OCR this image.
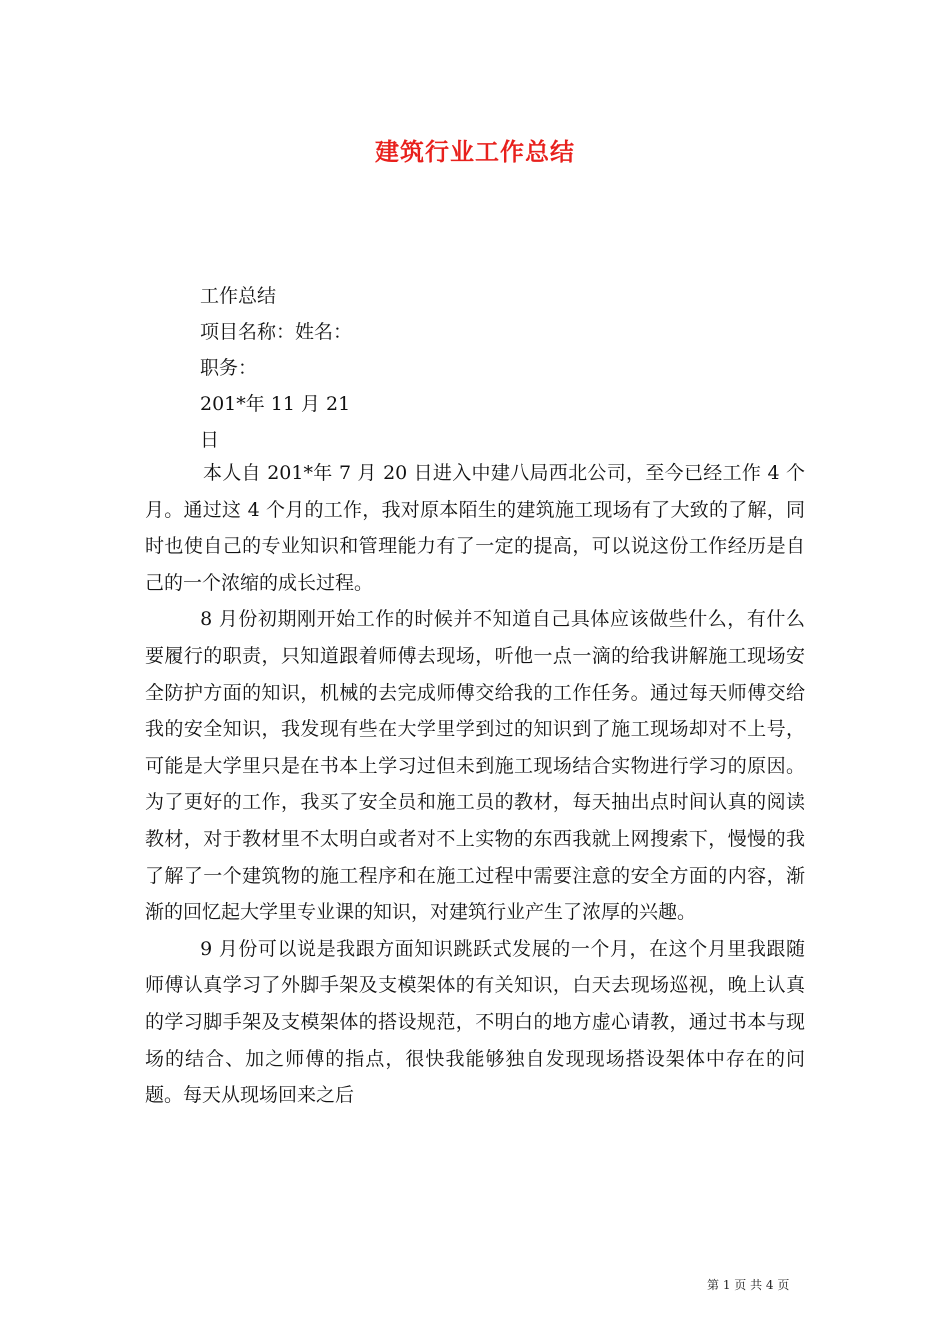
建筑行业工作总结
工作总结
项目名称：姓名：
职务：
201*年 11 月 21
日

本人自 201*年 7 月 20 日进入中建八局西北公司，至今已经工作 4 个月。通过这 4 个月的工作，我对原本陌生的建筑施工现场有了大致的了解，同时也使自己的专业知识和管理能力有了一定的提高，可以说这份工作经历是自己的一个浓缩的成长过程。

8 月份初期刚开始工作的时候并不知道自己具体应该做些什么，有什么要履行的职责，只知道跟着师傅去现场，听他一点一滴的给我讲解施工现场安全防护方面的知识，机械的去完成师傅交给我的工作任务。通过每天师傅交给我的安全知识，我发现有些在大学里学到过的知识到了施工现场却对不上号，可能是大学里只是在书本上学习过但未到施工现场结合实物进行学习的原因。为了更好的工作，我买了安全员和施工员的教材，每天抽出点时间认真的阅读教材，对于教材里不太明白或者对不上实物的东西我就上网搜索下，慢慢的我了解了一个建筑物的施工程序和在施工过程中需要注意的安全方面的内容，渐渐的回忆起大学里专业课的知识，对建筑行业产生了浓厚的兴趣。

9 月份可以说是我跟方面知识跳跃式发展的一个月，在这个月里我跟随师傅认真学习了外脚手架及支模架体的有关知识，白天去现场巡视，晚上认真的学习脚手架及支模架体的搭设规范，不明白的地方虚心请教，通过书本与现场的结合、加之师傅的指点，很快我能够独自发现现场搭设架体中存在的问题。每天从现场回来之后

第 1 页 共 4 页
